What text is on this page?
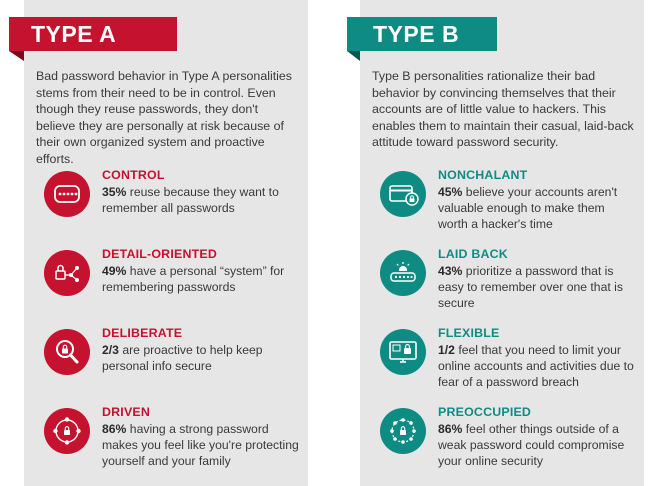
TYPE A
Bad password behavior in Type A personalities stems from their need to be in control. Even though they reuse passwords, they don't believe they are personally at risk because of their own organized system and proactive efforts.
CONTROL
35% reuse because they want to remember all passwords
DETAIL-ORIENTED
49% have a personal “system” for remembering passwords
DELIBERATE
2/3 are proactive to help keep personal info secure
DRIVEN
86% having a strong password makes you feel like you're protecting yourself and your family
TYPE B
Type B personalities rationalize their bad behavior by convincing themselves that their accounts are of little value to hackers. This enables them to maintain their casual, laid-back attitude toward password security.
NONCHALANT
45% believe your accounts aren't valuable enough to make them worth a hacker's time
LAID BACK
43% prioritize a password that is easy to remember over one that is secure
FLEXIBLE
1/2 feel that you need to limit your online accounts and activities due to fear of a password breach
PREOCCUPIED
86% feel other things outside of a weak password could compromise your online security
